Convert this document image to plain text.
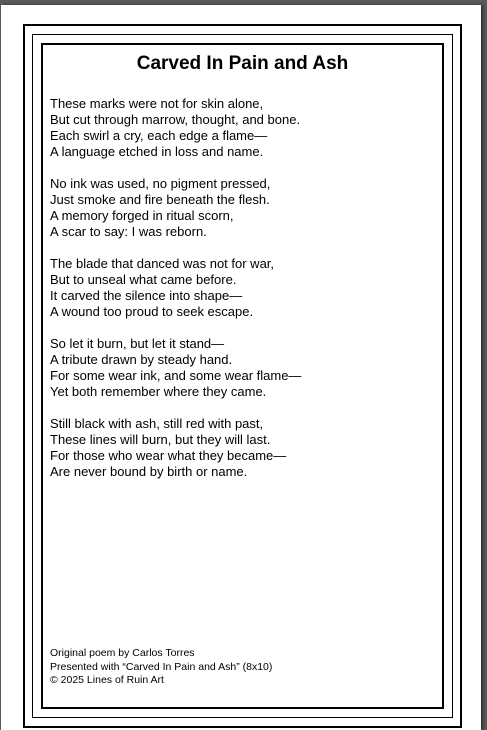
Carved In Pain and Ash

These marks were not for skin alone,
But cut through marrow, thought, and bone.
Each swirl a cry, each edge a flame—
A language etched in loss and name.

No ink was used, no pigment pressed,
Just smoke and fire beneath the flesh.
A memory forged in ritual scorn,
A scar to say: I was reborn.

The blade that danced was not for war,
But to unseal what came before.
It carved the silence into shape—
A wound too proud to seek escape.

So let it burn, but let it stand—
A tribute drawn by steady hand.
For some wear ink, and some wear flame—
Yet both remember where they came.

Still black with ash, still red with past,
These lines will burn, but they will last.
For those who wear what they became—
Are never bound by birth or name.

Original poem by Carlos Torres
Presented with “Carved In Pain and Ash” (8x10)
© 2025 Lines of Ruin Art
